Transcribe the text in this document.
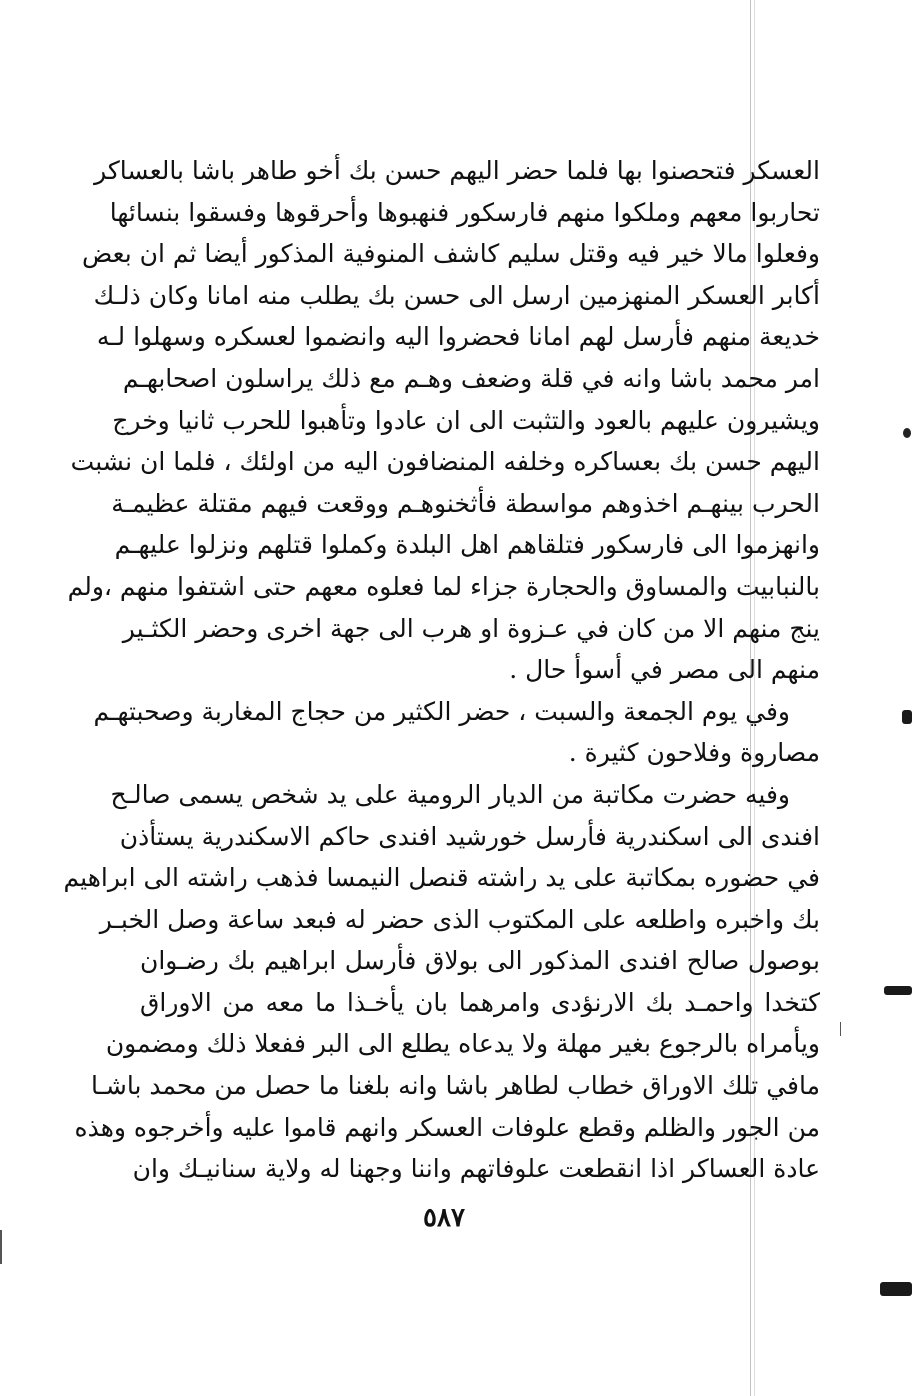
العسكر فتحصنوا بها فلما حضر اليهم حسن بك أخو طاهر باشا بالعساكر
تحاربوا معهم وملكوا منهم فارسكور فنهبوها وأحرقوها وفسقوا بنسائها
وفعلوا مالا خير فيه وقتل سليم كاشف المنوفية المذكور أيضا ثم ان بعض
أكابر العسكر المنهزمين ارسل الى حسن بك يطلب منه امانا وكان ذلـك
خديعة منهم فأرسل لهم امانا فحضروا اليه وانضموا لعسكره وسهلوا لـه
امر محمد باشا وانه في قلة وضعف وهـم مع ذلك يراسلون اصحابهـم
ويشيرون عليهم بالعود والتثبت الى ان عادوا وتأهبوا للحرب ثانيا وخرج
اليهم حسن بك بعساكره وخلفه المنضافون اليه من اولئك ، فلما ان نشبت
الحرب بينهـم اخذوهم مواسطة فأثخنوهـم ووقعت فيهم مقتلة عظيمـة
وانهزموا الى فارسكور فتلقاهم اهل البلدة وكملوا قتلهم ونزلوا عليهـم
بالنبابيت والمساوق والحجارة جزاء لما فعلوه معهم حتى اشتفوا منهم ،ولم
ينج منهم الا من كان في عـزوة او هرب الى جهة اخرى وحضر الكثـير
منهم الى مصر في أسوأ حال .
وفي يوم الجمعة والسبت ، حضر الكثير من حجاج المغاربة وصحبتهـم
مصاروة وفلاحون كثيرة .
وفيه حضرت مكاتبة من الديار الرومية على يد شخص يسمى صالـح
افندى الى اسكندرية فأرسل خورشيد افندى حاكم الاسكندرية يستأذن
في حضوره بمكاتبة على يد راشته قنصل النيمسا فذهب راشته الى ابراهيم
بك واخبره واطلعه على المكتوب الذى حضر له فبعد ساعة وصل الخبـر
بوصول صالح افندى المذكور الى بولاق فأرسل ابراهيم بك رضـوان
كتخدا واحمـد بك الارنؤدى وامرهما بان يأخـذا ما معه من الاوراق
ويأمراه بالرجوع بغير مهلة ولا يدعاه يطلع الى البر ففعلا ذلك ومضمون
مافي تلك الاوراق خطاب لطاهر باشا وانه بلغنا ما حصل من محمد باشـا
من الجور والظلم وقطع علوفات العسكر وانهم قاموا عليه وأخرجوه وهذه
عادة العساكر اذا انقطعت علوفاتهم واننا وجهنا له ولاية سنانيـك وان
٥٨٧
